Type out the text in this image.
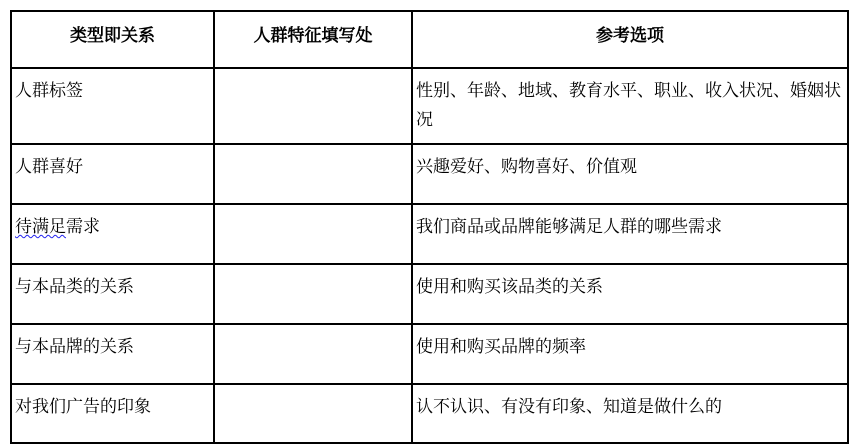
类型即关系	人群特征填写处	参考选项
人群标签		性别、年龄、地域、教育水平、职业、收入状况、婚姻状况
人群喜好		兴趣爱好、购物喜好、价值观
待满足需求		我们商品或品牌能够满足人群的哪些需求
与本品类的关系		使用和购买该品类的关系
与本品牌的关系		使用和购买品牌的频率
对我们广告的印象		认不认识、有没有印象、知道是做什么的
